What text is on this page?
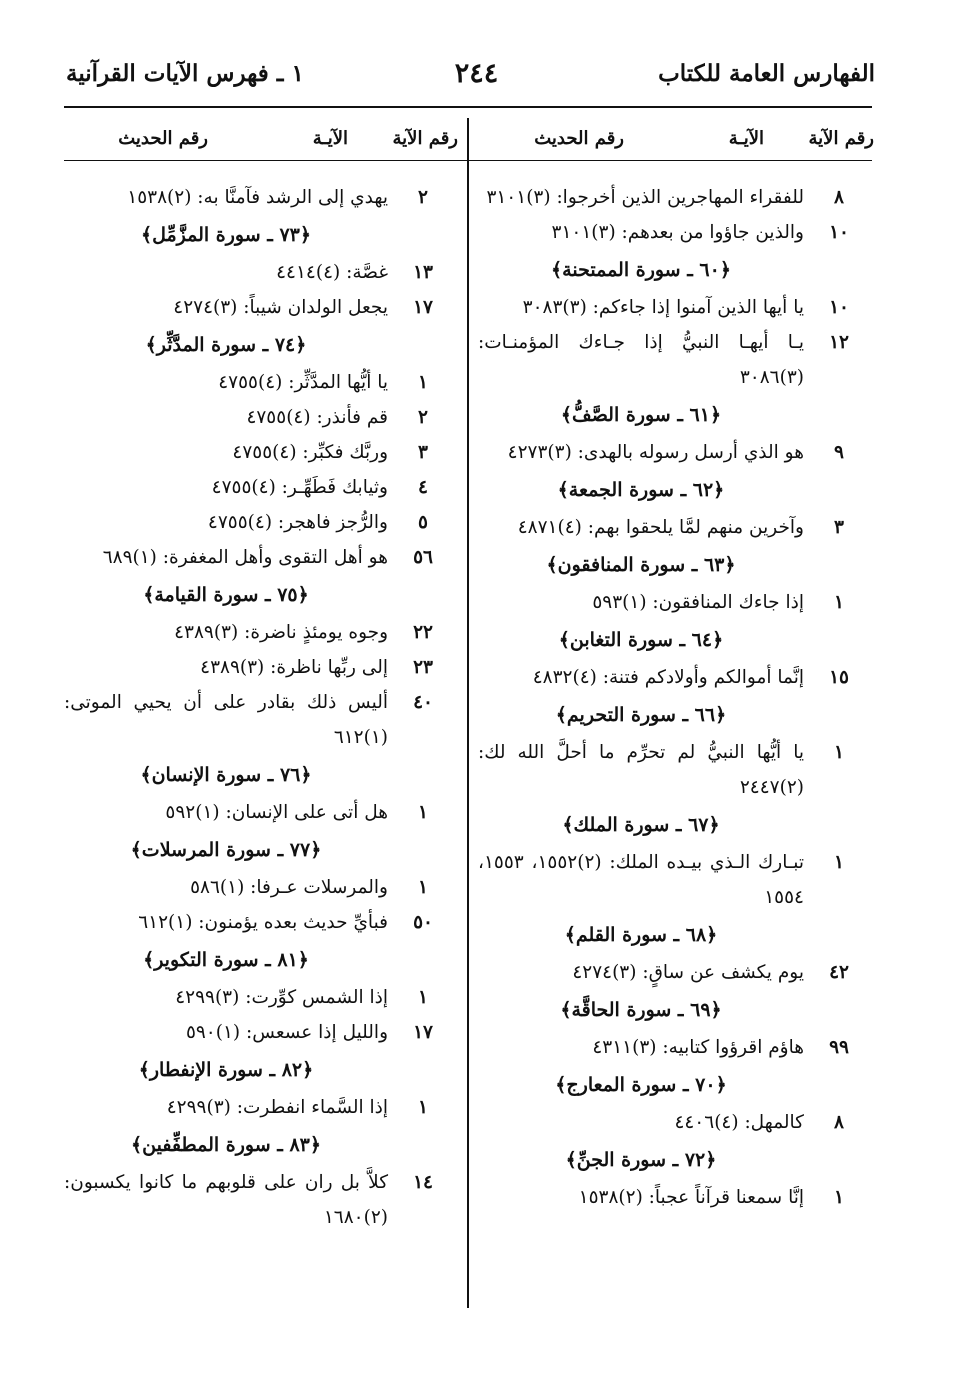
الفهارس العامة للكتاب
٢٤٤
١ ـ فهرس الآيات القرآنية
رقم الآية
الآيـة
رقم الحديث
٨
للفقراء المهاجرين الذين أخرجوا: (٣)٣١٠١
١٠
والذين جاؤوا من بعدهم: (٣)٣١٠١
﴿٦٠ ـ سورة الممتحنة﴾
١٠
يا أيها الذين آمنوا إذا جاءكم: (٣)٣٠٨٣
١٢
يـا أيهـا النبيُّ إذا جـاءك المؤمنـات: (٣)٣٠٨٦
﴿٦١ ـ سورة الصَّفُّ﴾
٩
هو الذي أرسل رسوله بالهدى: (٣)٤٢٧٣
﴿٦٢ ـ سورة الجمعة﴾
٣
وآخرين منهم لمَّا يلحقوا بهم: (٤)٤٨٧١
﴿٦٣ ـ سورة المنافقون﴾
١
إذا جاءك المنافقون: (١)٥٩٣
﴿٦٤ ـ سورة التغابن﴾
١٥
إنَّما أموالكم وأولادكم فتنة: (٤)٤٨٣٢
﴿٦٦ ـ سورة التحريم﴾
١
يا أيُّها النبيُّ لم تحرِّم ما أحلَّ الله لك: (٢)٢٤٤٧
﴿٦٧ ـ سورة الملك﴾
١
تبـارك الـذي بيـده الملك: (٢)١٥٥٢، ١٥٥٣، ١٥٥٤
﴿٦٨ ـ سورة القلم﴾
٤٢
يوم يكشف عن ساقٍ: (٣)٤٢٧٤
﴿٦٩ ـ سورة الحاقَّة﴾
٩٩
هاؤم اقرؤوا كتابيه: (٣)٤٣١١
﴿٧٠ ـ سورة المعارج﴾
٨
كالمهل: (٤)٤٤٠٦
﴿٧٢ ـ سورة الجنِّ﴾
١
إنَّا سمعنا قرآناً عجباً: (٢)١٥٣٨
رقم الآية
الآيـة
رقم الحديث
٢
يهدي إلى الرشد فآمنَّا به: (٢)١٥٣٨
﴿٧٣ ـ سورة المزَّمِّل﴾
١٣
غصَّة: (٤)٤٤١٤
١٧
يجعل الولدان شيباً: (٣)٤٢٧٤
﴿٧٤ ـ سورة المدَّثِّر﴾
١
يا أيُّها المدَّثِّر: (٤)٤٧٥٥
٢
قم فأنذر: (٤)٤٧٥٥
٣
وربَّك فكبِّر: (٤)٤٧٥٥
٤
وثيابك فَطَهِّـر: (٤)٤٧٥٥
٥
والرُّجز فاهجر: (٤)٤٧٥٥
٥٦
هو أهل التقوى وأهل المغفرة: (١)٦٨٩
﴿٧٥ ـ سورة القيامة﴾
٢٢
وجوه يومئذٍ ناضرة: (٣)٤٣٨٩
٢٣
إلى ربِّها ناظرة: (٣)٤٣٨٩
٤٠
أليس ذلك بقادر على أن يحيي الموتى: (١)٦١٢
﴿٧٦ ـ سورة الإنسان﴾
١
هل أتى على الإنسان: (١)٥٩٢
﴿٧٧ ـ سورة المرسلات﴾
١
والمرسلات عـرفا: (١)٥٨٦
٥٠
فبأيِّ حديث بعده يؤمنون: (١)٦١٢
﴿٨١ ـ سورة التكوير﴾
١
إذا الشمس كوِّرت: (٣)٤٢٩٩
١٧
والليل إذا عسعس: (١)٥٩٠
﴿٨٢ ـ سورة الإنفطار﴾
١
إذا السَّماء انفطرت: (٣)٤٢٩٩
﴿٨٣ ـ سورة المطفِّفين﴾
١٤
كلاَّ بل ران على قلوبهم ما كانوا يكسبون: (٢)١٦٨٠
